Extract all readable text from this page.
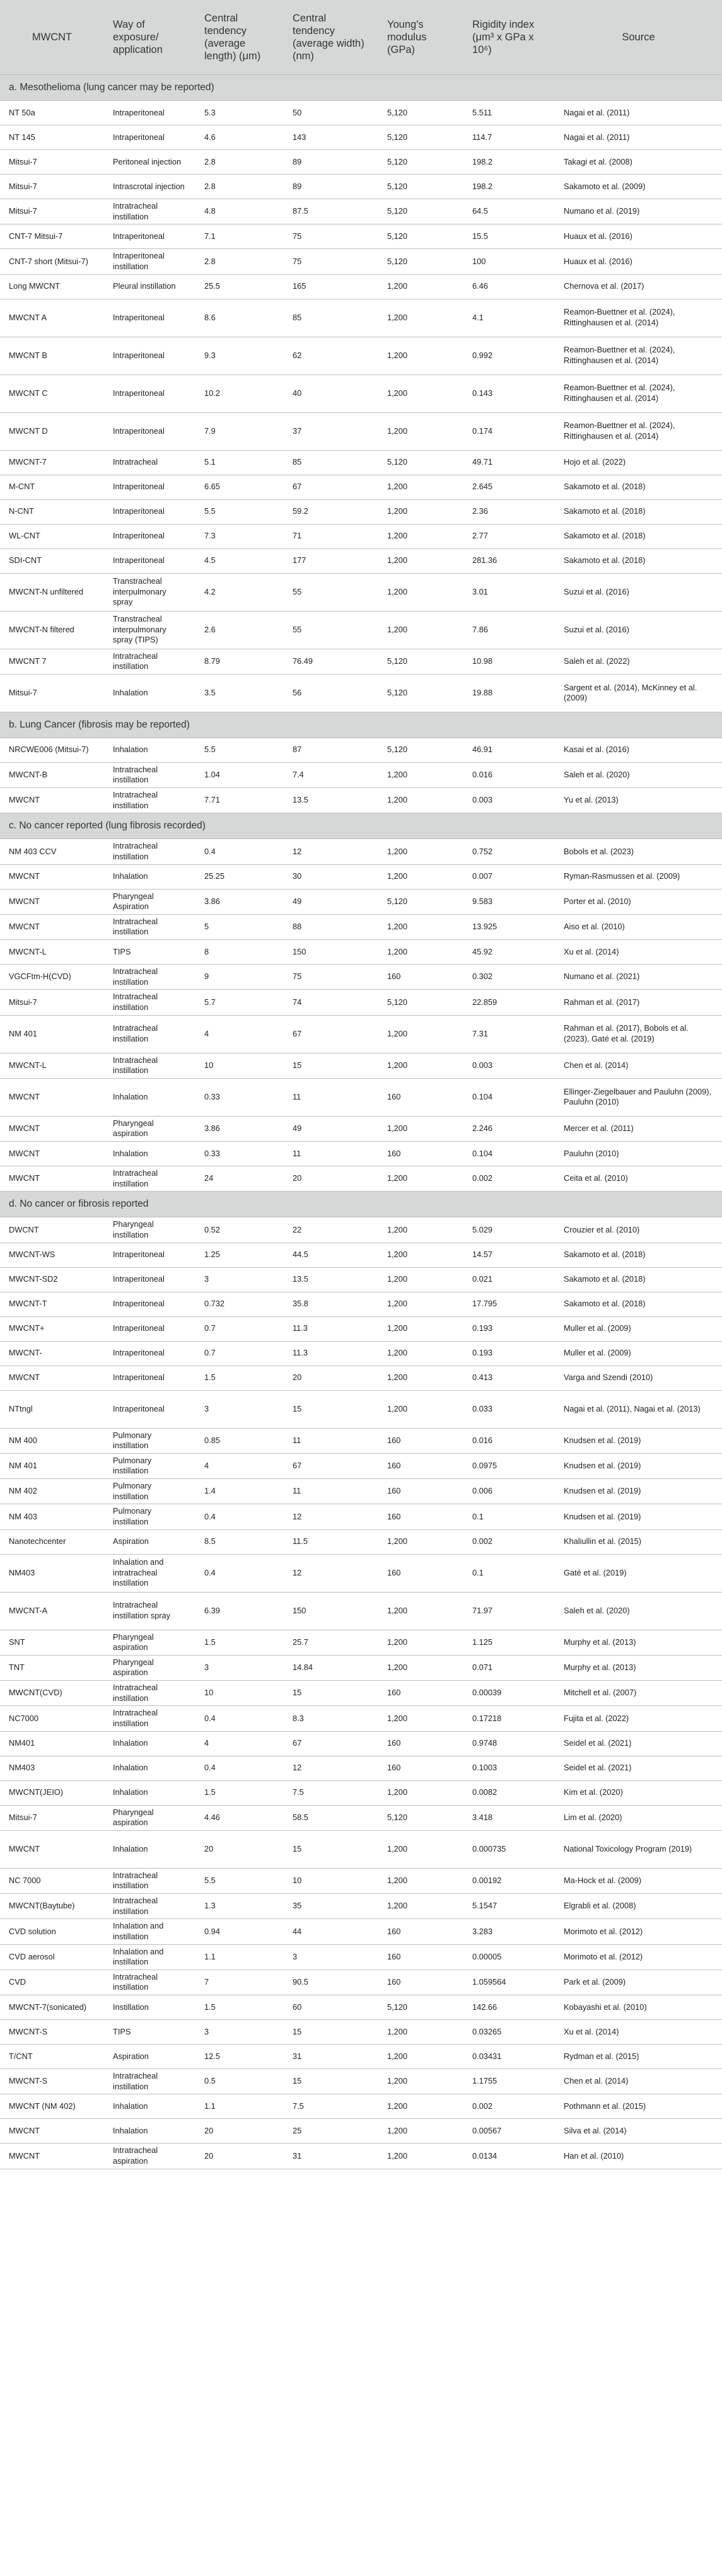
MWCNT	Way of exposure/ application	Central tendency (average length) (μm)	Central tendency (average width) (nm)	Young's modulus (GPa)	Rigidity index (μm³ x GPa x 10⁶)	Source
a. Mesothelioma (lung cancer may be reported)						
NT 50a	Intraperitoneal	5.3	50	5,120	5.511	Nagai et al. (2011)
NT 145	Intraperitoneal	4.6	143	5,120	114.7	Nagai et al. (2011)
Mitsui-7	Peritoneal injection	2.8	89	5,120	198.2	Takagi et al. (2008)
Mitsui-7	Intrascrotal injection	2.8	89	5,120	198.2	Sakamoto et al. (2009)
Mitsui-7	Intratracheal instillation	4.8	87.5	5,120	64.5	Numano et al. (2019)
CNT-7 Mitsui-7	Intraperitoneal	7.1	75	5,120	15.5	Huaux et al. (2016)
CNT-7 short (Mitsui-7)	Intraperitoneal instillation	2.8	75	5,120	100	Huaux et al. (2016)
Long MWCNT	Pleural instillation	25.5	165	1,200	6.46	Chernova et al. (2017)
MWCNT A	Intraperitoneal	8.6	85	1,200	4.1	Reamon-Buettner et al. (2024), Rittinghausen et al. (2014)
MWCNT B	Intraperitoneal	9.3	62	1,200	0.992	Reamon-Buettner et al. (2024), Rittinghausen et al. (2014)
MWCNT C	Intraperitoneal	10.2	40	1,200	0.143	Reamon-Buettner et al. (2024), Rittinghausen et al. (2014)
MWCNT D	Intraperitoneal	7.9	37	1,200	0.174	Reamon-Buettner et al. (2024), Rittinghausen et al. (2014)
MWCNT-7	Intratracheal	5.1	85	5,120	49.71	Hojo et al. (2022)
M-CNT	Intraperitoneal	6.65	67	1,200	2.645	Sakamoto et al. (2018)
N-CNT	Intraperitoneal	5.5	59.2	1,200	2.36	Sakamoto et al. (2018)
WL-CNT	Intraperitoneal	7.3	71	1,200	2.77	Sakamoto et al. (2018)
SDI-CNT	Intraperitoneal	4.5	177	1,200	281.36	Sakamoto et al. (2018)
MWCNT-N unfiltered	Transtracheal interpulmonary spray	4.2	55	1,200	3.01	Suzui et al. (2016)
MWCNT-N filtered	Transtracheal interpulmonary spray (TIPS)	2.6	55	1,200	7.86	Suzui et al. (2016)
MWCNT 7	Intratracheal instillation	8.79	76.49	5,120	10.98	Saleh et al. (2022)
Mitsui-7	Inhalation	3.5	56	5,120	19.88	Sargent et al. (2014), McKinney et al. (2009)
b. Lung Cancer (fibrosis may be reported)						
NRCWE006 (Mitsui-7)	Inhalation	5.5	87	5,120	46.91	Kasai et al. (2016)
MWCNT-B	Intratracheal instillation	1.04	7.4	1,200	0.016	Saleh et al. (2020)
MWCNT	Intratracheal instillation	7.71	13.5	1,200	0.003	Yu et al. (2013)
c. No cancer reported (lung fibrosis recorded)						
NM 403 CCV	Intratracheal instillation	0.4	12	1,200	0.752	Bobols et al. (2023)
MWCNT	Inhalation	25.25	30	1,200	0.007	Ryman-Rasmussen et al. (2009)
MWCNT	Pharyngeal Aspiration	3.86	49	5,120	9.583	Porter et al. (2010)
MWCNT	Intratracheal instillation	5	88	1,200	13.925	Aiso et al. (2010)
MWCNT-L	TIPS	8	150	1,200	45.92	Xu et al. (2014)
VGCFtm-H(CVD)	Intratracheal instillation	9	75	160	0.302	Numano et al. (2021)
Mitsui-7	Intratracheal instillation	5.7	74	5,120	22.859	Rahman et al. (2017)
NM 401	Intratracheal instillation	4	67	1,200	7.31	Rahman et al. (2017), Bobols et al. (2023), Gaté et al. (2019)
MWCNT-L	Intratracheal instillation	10	15	1,200	0.003	Chen et al. (2014)
MWCNT	Inhalation	0.33	11	160	0.104	Ellinger-Ziegelbauer and Pauluhn (2009), Pauluhn (2010)
MWCNT	Pharyngeal aspiration	3.86	49	1,200	2.246	Mercer et al. (2011)
MWCNT	Inhalation	0.33	11	160	0.104	Pauluhn (2010)
MWCNT	Intratracheal instillation	24	20	1,200	0.002	Ceita et al. (2010)
d. No cancer or fibrosis reported						
DWCNT	Pharyngeal instillation	0.52	22	1,200	5.029	Crouzier et al. (2010)
MWCNT-WS	Intraperitoneal	1.25	44.5	1,200	14.57	Sakamoto et al. (2018)
MWCNT-SD2	Intraperitoneal	3	13.5	1,200	0.021	Sakamoto et al. (2018)
MWCNT-T	Intraperitoneal	0.732	35.8	1,200	17.795	Sakamoto et al. (2018)
MWCNT+	Intraperitoneal	0.7	11.3	1,200	0.193	Muller et al. (2009)
MWCNT-	Intraperitoneal	0.7	11.3	1,200	0.193	Muller et al. (2009)
MWCNT	Intraperitoneal	1.5	20	1,200	0.413	Varga and Szendi (2010)
NTtngl	Intraperitoneal	3	15	1,200	0.033	Nagai et al. (2011), Nagai et al. (2013)
NM 400	Pulmonary instillation	0.85	11	160	0.016	Knudsen et al. (2019)
NM 401	Pulmonary instillation	4	67	160	0.0975	Knudsen et al. (2019)
NM 402	Pulmonary instillation	1.4	11	160	0.006	Knudsen et al. (2019)
NM 403	Pulmonary instillation	0.4	12	160	0.1	Knudsen et al. (2019)
Nanotechcenter	Aspiration	8.5	11.5	1,200	0.002	Khaliullin et al. (2015)
NM403	Inhalation and intratracheal instillation	0.4	12	160	0.1	Gaté et al. (2019)
MWCNT-A	Intratracheal instillation spray	6.39	150	1,200	71.97	Saleh et al. (2020)
SNT	Pharyngeal aspiration	1.5	25.7	1,200	1.125	Murphy et al. (2013)
TNT	Pharyngeal aspiration	3	14.84	1,200	0.071	Murphy et al. (2013)
MWCNT(CVD)	Intratracheal instillation	10	15	160	0.00039	Mitchell et al. (2007)
NC7000	Intratracheal instillation	0.4	8.3	1,200	0.17218	Fujita et al. (2022)
NM401	Inhalation	4	67	160	0.9748	Seidel et al. (2021)
NM403	Inhalation	0.4	12	160	0.1003	Seidel et al. (2021)
MWCNT(JEIO)	Inhalation	1.5	7.5	1,200	0.0082	Kim et al. (2020)
Mitsui-7	Pharyngeal aspiration	4.46	58.5	5,120	3.418	Lim et al. (2020)
MWCNT	Inhalation	20	15	1,200	0.000735	National Toxicology Program (2019)
NC 7000	Intratracheal instillation	5.5	10	1,200	0.00192	Ma-Hock et al. (2009)
MWCNT(Baytube)	Intratracheal instillation	1.3	35	1,200	5.1547	Elgrabli et al. (2008)
CVD solution	Inhalation and instillation	0.94	44	160	3.283	Morimoto et al. (2012)
CVD aerosol	Inhalation and instillation	1.1	3	160	0.00005	Morimoto et al. (2012)
CVD	Intratracheal instillation	7	90.5	160	1.059564	Park et al. (2009)
MWCNT-7(sonicated)	Instillation	1.5	60	5,120	142.66	Kobayashi et al. (2010)
MWCNT-S	TIPS	3	15	1,200	0.03265	Xu et al. (2014)
T/CNT	Aspiration	12.5	31	1,200	0.03431	Rydman et al. (2015)
MWCNT-S	Intratracheal instillation	0.5	15	1,200	1.1755	Chen et al. (2014)
MWCNT (NM 402)	Inhalation	1.1	7.5	1,200	0.002	Pothmann et al. (2015)
MWCNT	Inhalation	20	25	1,200	0.00567	Silva et al. (2014)
MWCNT	Intratracheal aspiration	20	31	1,200	0.0134	Han et al. (2010)
